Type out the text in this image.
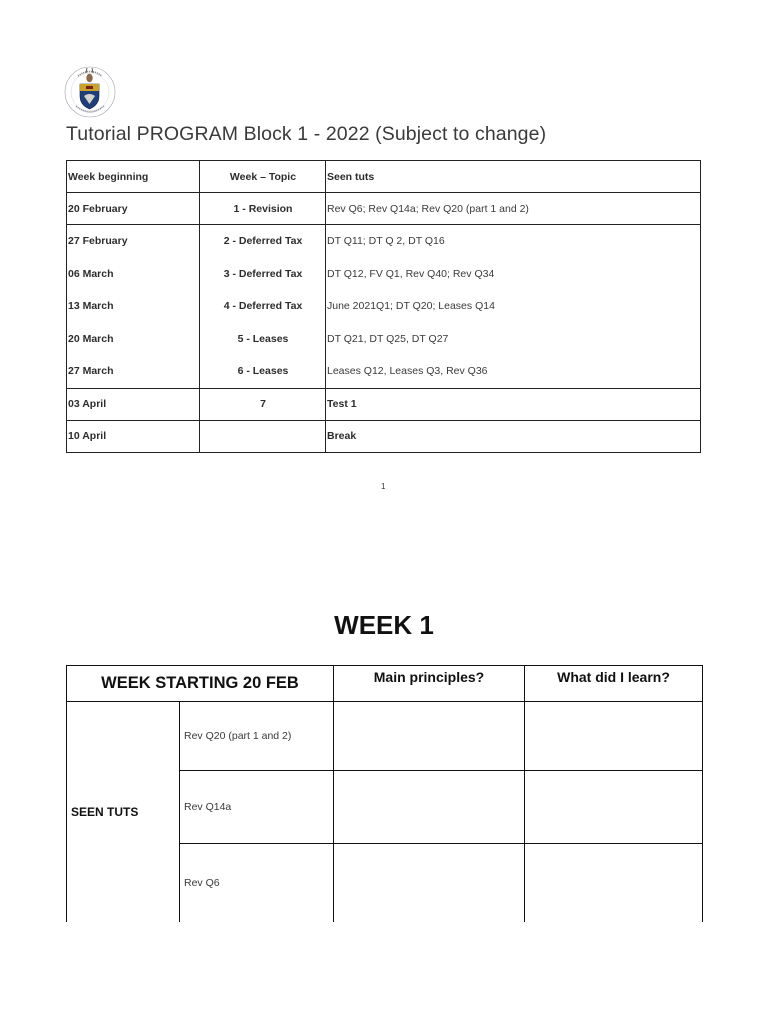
Tutorial PROGRAM Block 1 - 2022 (Subject to change)
Week beginning	Week – Topic	Seen tuts
20 February	1 - Revision	Rev Q6; Rev Q14a; Rev Q20 (part 1 and 2)
27 February	2 - Deferred Tax	DT Q11; DT Q 2, DT Q16
06 March	3 - Deferred Tax	DT Q12, FV Q1, Rev Q40; Rev Q34
13 March	4 - Deferred Tax	June 2021Q1; DT Q20; Leases Q14
20 March	5 - Leases	DT Q21, DT Q25, DT Q27
27 March	6 - Leases	Leases Q12, Leases Q3, Rev Q36
03 April	7	Test 1
10 April		Break
1
WEEK 1
WEEK STARTING 20 FEB		Main principles?	What did I learn?
SEEN TUTS	Rev Q20 (part 1 and 2)		
	Rev Q14a		
	Rev Q6		
